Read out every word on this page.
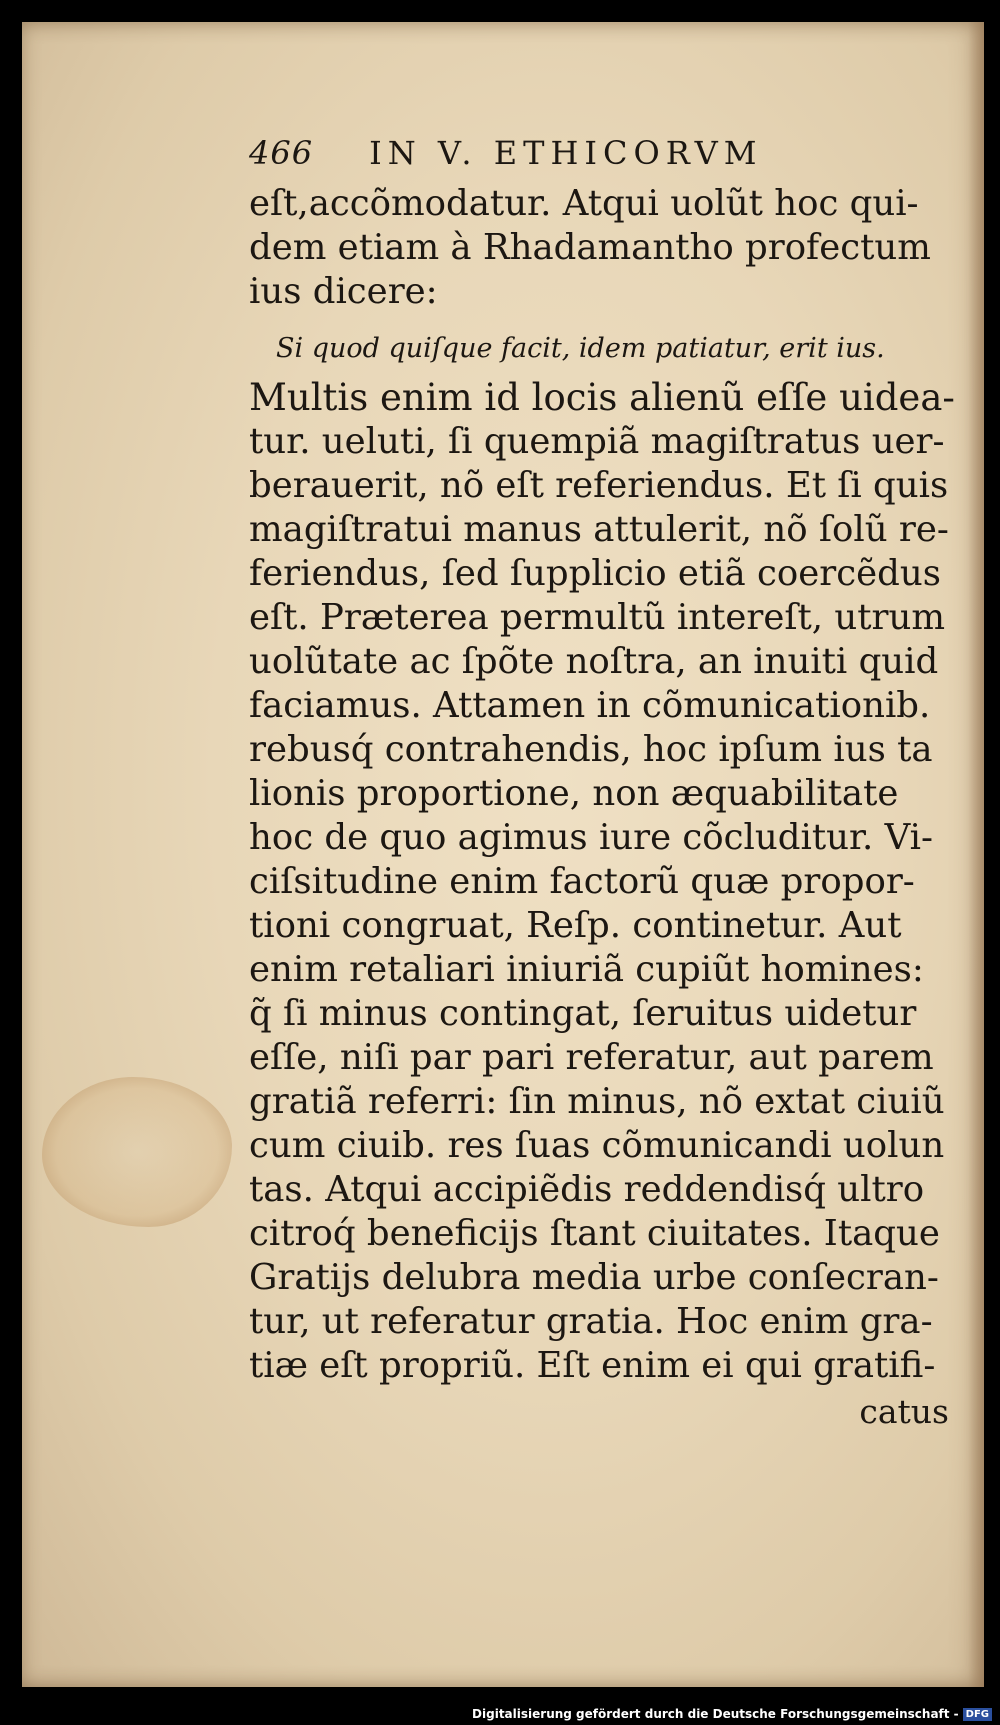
466 IN V. ETHICORVM
eſt,accõmodatur. Atqui uolũt hoc qui-
dem etiam à Rhadamantho profectum
ius dicere:
Si quod quiſque facit, idem patiatur, erit ius.
Multis enim id locis alienũ eſſe uidea-
tur. ueluti, ſi quempiã magiſtratus uer-
berauerit, nõ eſt referiendus. Et ſi quis
magiſtratui manus attulerit, nõ ſolũ re-
feriendus, ſed ſupplicio etiã coercẽdus
eſt. Præterea permultũ intereſt, utrum
uolũtate ac ſpõte noſtra, an inuiti quid
faciamus. Attamen in cõmunicationib.
rebusq́ contrahendis, hoc ipſum ius ta
lionis proportione, non æquabilitate
hoc de quo agimus iure cõcluditur. Vi-
ciſsitudine enim factorũ quæ propor-
tioni congruat, Reſp. continetur. Aut
enim retaliari iniuriã cupiũt homines:
q̃ ſi minus contingat, ſeruitus uidetur
eſſe, niſi par pari referatur, aut parem
gratiã referri: ſin minus, nõ extat ciuiũ
cum ciuib. res ſuas cõmunicandi uolun
tas. Atqui accipiẽdis reddendisq́ ultro
citroq́ beneficijs ſtant ciuitates. Itaque
Gratijs delubra media urbe conſecran-
tur, ut referatur gratia. Hoc enim gra-
tiæ eſt propriũ. Eſt enim ei qui gratifi-
catus
Digitalisierung gefördert durch die Deutsche Forschungsgemeinschaft - DFG
